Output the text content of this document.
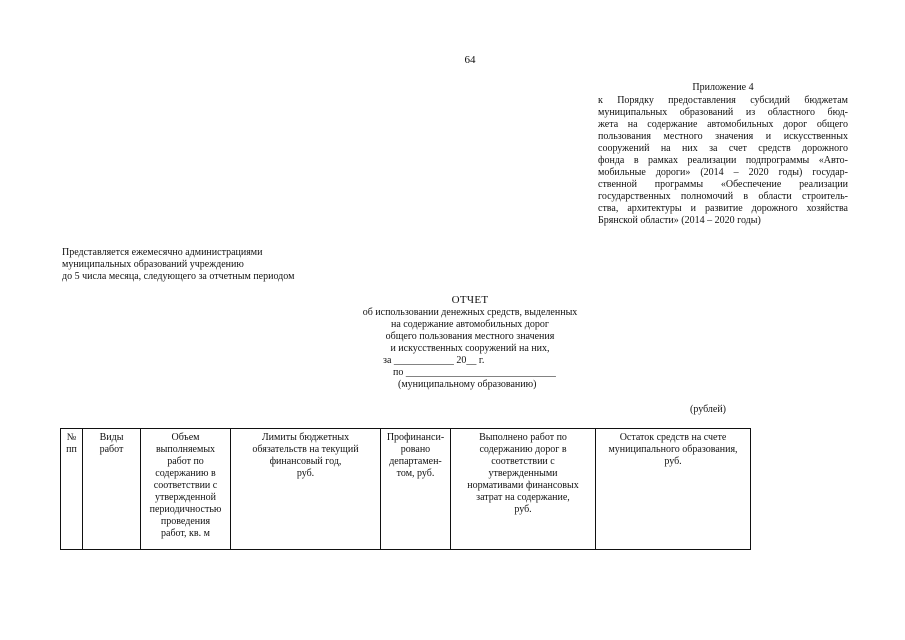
64
Приложение 4
к Порядку предоставления субсидий бюджетам
муниципальных образований из областного бюд-
жета на содержание автомобильных дорог общего
пользования местного значения и искусственных
сооружений на них за счет средств дорожного
фонда в рамках реализации подпрограммы «Авто-
мобильные дороги» (2014 – 2020 годы) государ-
ственной программы «Обеспечение реализации
государственных полномочий в области строитель-
ства, архитектуры и развитие дорожного хозяйства
Брянской области» (2014 – 2020 годы)
Представляется ежемесячно администрациями
муниципальных образований учреждению
до 5 числа месяца, следующего за отчетным периодом
ОТЧЕТ
об использовании денежных средств, выделенных
на содержание автомобильных дорог
общего пользования местного значения
и искусственных сооружений на них,
за ____________ 20__ г.
по ______________________________
(муниципальному образованию)
(рублей)
№
пп

Виды
работ

Объем
выполняемых
работ по
содержанию в
соответствии с
утвержденной
периодичностью
проведения
работ, кв. м

Лимиты бюджетных
обязательств на текущий
финансовый год,
руб.

Профинанси-
ровано
департамен-
том, руб.

Выполнено работ по
содержанию дорог в
соответствии с
утвержденными
нормативами финансовых
затрат на содержание,
руб.

Остаток средств на счете
муниципального образования,
руб.
